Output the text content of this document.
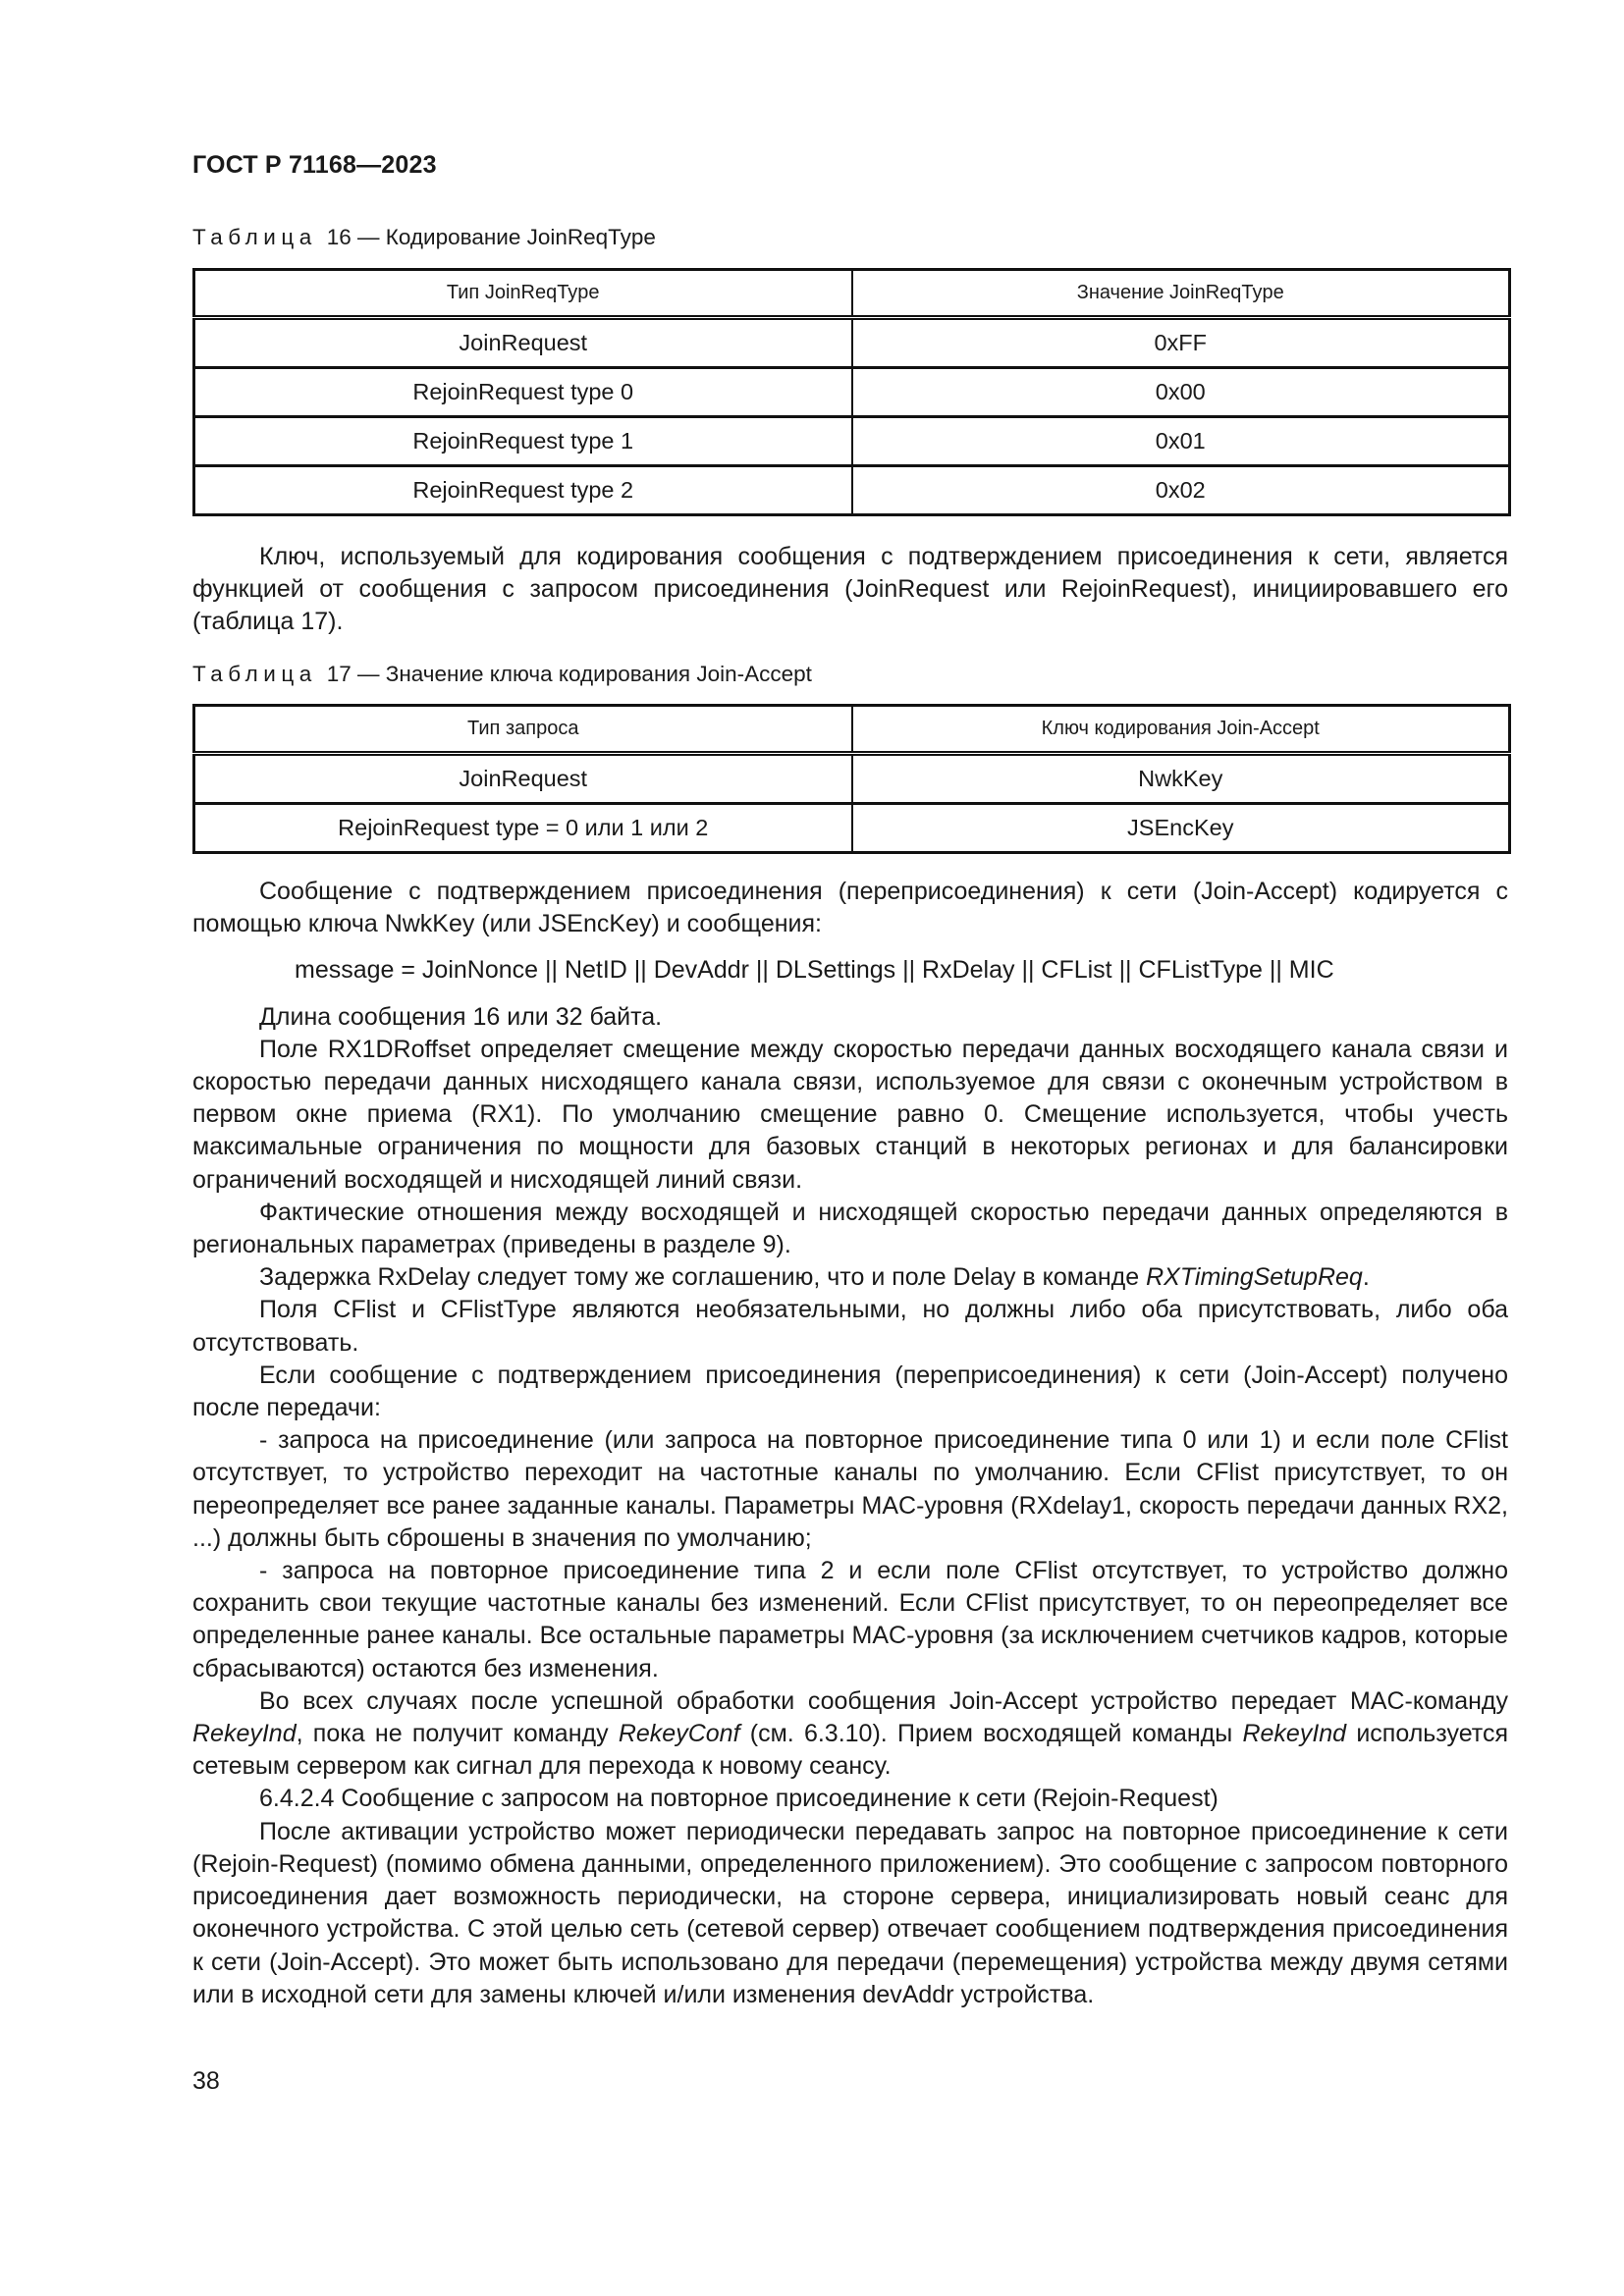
ГОСТ Р 71168—2023
Таблица 16 — Кодирование JoinReqType
Тип JoinReqType	Значение JoinReqType
JoinRequest	0xFF
RejoinRequest type 0	0x00
RejoinRequest type 1	0x01
RejoinRequest type 2	0x02

Ключ, используемый для кодирования сообщения с подтверждением присоединения к сети, является функцией от сообщения с запросом присоединения (JoinRequest или RejoinRequest), инициировавшего его (таблица 17).

Таблица 17 — Значение ключа кодирования Join-Accept
Тип запроса	Ключ кодирования Join-Accept
JoinRequest	NwkKey
RejoinRequest type = 0 или 1 или 2	JSEncKey

Сообщение с подтверждением присоединения (переприсоединения) к сети (Join-Accept) кодируется с помощью ключа NwkKey (или JSEncKey) и сообщения:

message = JoinNonce || NetID || DevAddr || DLSettings || RxDelay || CFList || CFListType || MIC

Длина сообщения 16 или 32 байта.

Поле RX1DRoffset определяет смещение между скоростью передачи данных восходящего канала связи и скоростью передачи данных нисходящего канала связи, используемое для связи с оконечным устройством в первом окне приема (RX1). По умолчанию смещение равно 0. Смещение используется, чтобы учесть максимальные ограничения по мощности для базовых станций в некоторых регионах и для балансировки ограничений восходящей и нисходящей линий связи.

Фактические отношения между восходящей и нисходящей скоростью передачи данных определяются в региональных параметрах (приведены в разделе 9).

Задержка RxDelay следует тому же соглашению, что и поле Delay в команде RXTimingSetupReq.

Поля CFlist и CFlistType являются необязательными, но должны либо оба присутствовать, либо оба отсутствовать.

Если сообщение с подтверждением присоединения (переприсоединения) к сети (Join-Accept) получено после передачи:

- запроса на присоединение (или запроса на повторное присоединение типа 0 или 1) и если поле CFlist отсутствует, то устройство переходит на частотные каналы по умолчанию. Если CFlist присутствует, то он переопределяет все ранее заданные каналы. Параметры MAC-уровня (RXdelay1, скорость передачи данных RX2, ...) должны быть сброшены в значения по умолчанию;

- запроса на повторное присоединение типа 2 и если поле CFlist отсутствует, то устройство должно сохранить свои текущие частотные каналы без изменений. Если CFlist присутствует, то он переопределяет все определенные ранее каналы. Все остальные параметры MAC-уровня (за исключением счетчиков кадров, которые сбрасываются) остаются без изменения.

Во всех случаях после успешной обработки сообщения Join-Accept устройство передает MAC-команду RekeyInd, пока не получит команду RekeyConf (см. 6.3.10). Прием восходящей команды RekeyInd используется сетевым сервером как сигнал для перехода к новому сеансу.

6.4.2.4 Сообщение с запросом на повторное присоединение к сети (Rejoin-Request)

После активации устройство может периодически передавать запрос на повторное присоединение к сети (Rejoin-Request) (помимо обмена данными, определенного приложением). Это сообщение с запросом повторного присоединения дает возможность периодически, на стороне сервера, инициализировать новый сеанс для оконечного устройства. С этой целью сеть (сетевой сервер) отвечает сообщением подтверждения присоединения к сети (Join-Accept). Это может быть использовано для передачи (перемещения) устройства между двумя сетями или в исходной сети для замены ключей и/или изменения devAddr устройства.

38
